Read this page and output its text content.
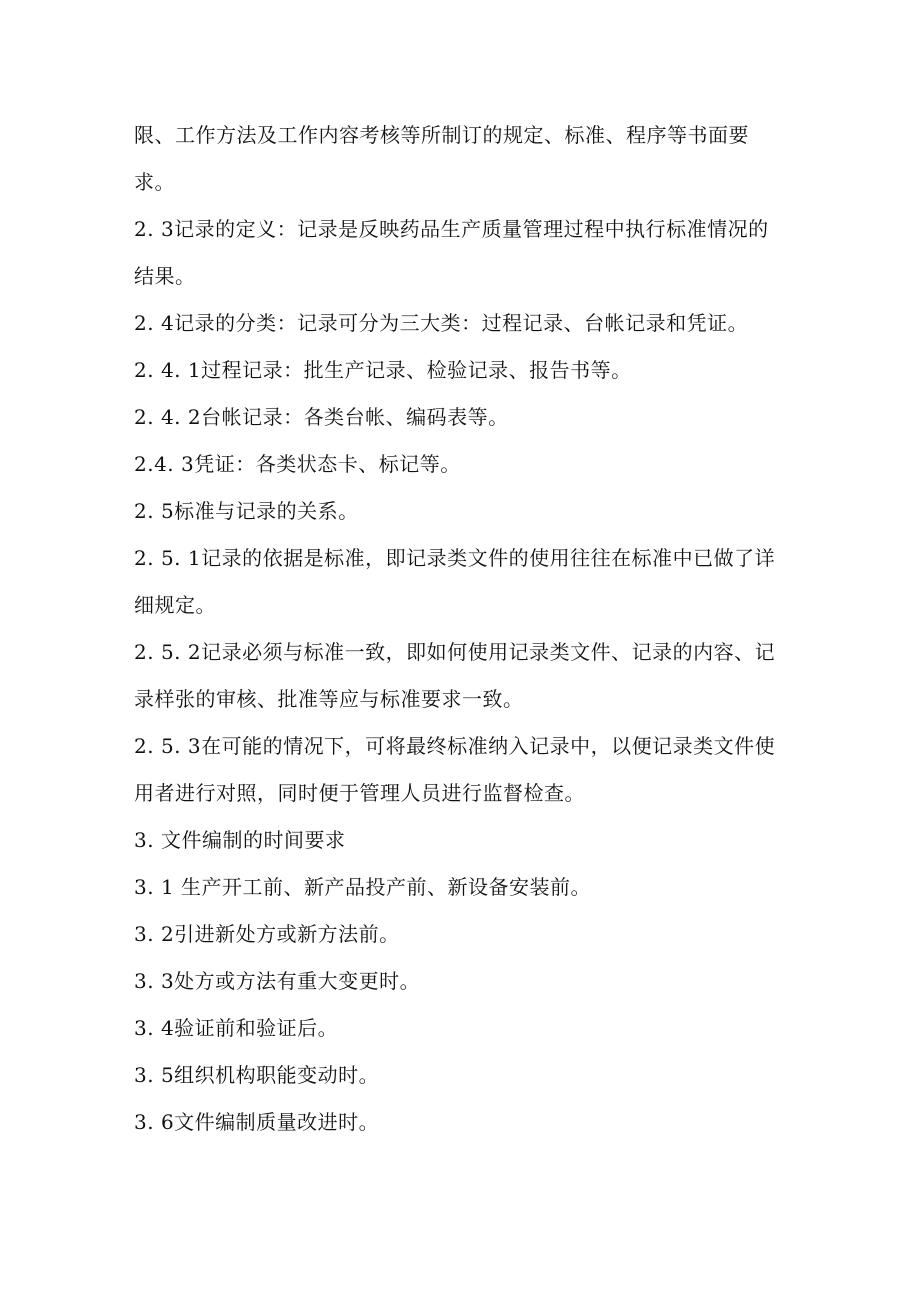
限、工作方法及工作内容考核等所制订的规定、标准、程序等书面要
求。
2. 3记录的定义：记录是反映药品生产质量管理过程中执行标准情况的
结果。
2. 4记录的分类：记录可分为三大类：过程记录、台帐记录和凭证。
2. 4. 1过程记录：批生产记录、检验记录、报告书等。
2. 4. 2台帐记录：各类台帐、编码表等。
2.4. 3凭证：各类状态卡、标记等。
2. 5标准与记录的关系。
2. 5. 1记录的依据是标准，即记录类文件的使用往往在标准中已做了详
细规定。
2. 5. 2记录必须与标准一致，即如何使用记录类文件、记录的内容、记
录样张的审核、批准等应与标准要求一致。
2. 5. 3在可能的情况下，可将最终标准纳入记录中，以便记录类文件使
用者进行对照，同时便于管理人员进行监督检查。
3. 文件编制的时间要求
3. 1 生产开工前、新产品投产前、新设备安装前。
3. 2引进新处方或新方法前。
3. 3处方或方法有重大变更时。
3. 4验证前和验证后。
3. 5组织机构职能变动时。
3. 6文件编制质量改进时。
